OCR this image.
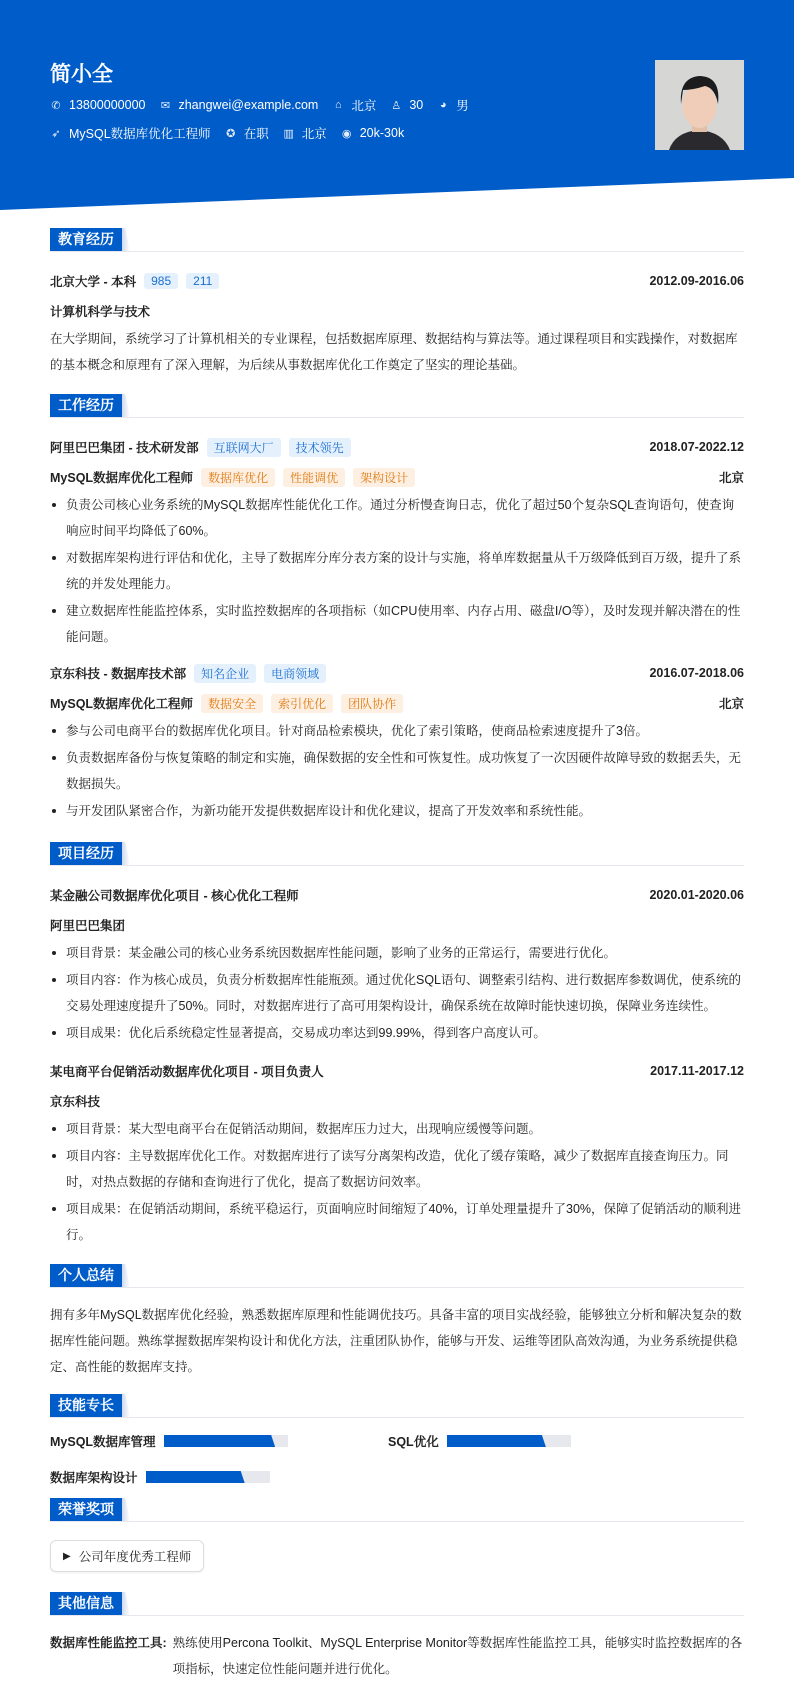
简小全
✆ 13800000000 ✉ zhangwei@example.com ⌂ 北京 ♙ 30 ◕ 男
➶ MySQL数据库优化工程师 ✪ 在职 ▥ 北京 ◉ 20k-30k
教育经历
北京大学 - 本科	985	211	2012.09-2016.06
计算机科学与技术
在大学期间，系统学习了计算机相关的专业课程，包括数据库原理、数据结构与算法等。通过课程项目和实践操作，对数据库的基本概念和原理有了深入理解，为后续从事数据库优化工作奠定了坚实的理论基础。
工作经历
阿里巴巴集团 - 技术研发部	互联网大厂	技术领先	2018.07-2022.12
MySQL数据库优化工程师	数据库优化	性能调优	架构设计	北京
负责公司核心业务系统的MySQL数据库性能优化工作。通过分析慢查询日志，优化了超过50个复杂SQL查询语句，使查询响应时间平均降低了60%。
对数据库架构进行评估和优化，主导了数据库分库分表方案的设计与实施，将单库数据量从千万级降低到百万级，提升了系统的并发处理能力。
建立数据库性能监控体系，实时监控数据库的各项指标（如CPU使用率、内存占用、磁盘I/O等），及时发现并解决潜在的性能问题。
京东科技 - 数据库技术部	知名企业	电商领域	2016.07-2018.06
MySQL数据库优化工程师	数据安全	索引优化	团队协作	北京
参与公司电商平台的数据库优化项目。针对商品检索模块，优化了索引策略，使商品检索速度提升了3倍。
负责数据库备份与恢复策略的制定和实施，确保数据的安全性和可恢复性。成功恢复了一次因硬件故障导致的数据丢失，无数据损失。
与开发团队紧密合作，为新功能开发提供数据库设计和优化建议，提高了开发效率和系统性能。
项目经历
某金融公司数据库优化项目 - 核心优化工程师	2020.01-2020.06
阿里巴巴集团
项目背景：某金融公司的核心业务系统因数据库性能问题，影响了业务的正常运行，需要进行优化。
项目内容：作为核心成员，负责分析数据库性能瓶颈。通过优化SQL语句、调整索引结构、进行数据库参数调优，使系统的交易处理速度提升了50%。同时，对数据库进行了高可用架构设计，确保系统在故障时能快速切换，保障业务连续性。
项目成果：优化后系统稳定性显著提高，交易成功率达到99.99%，得到客户高度认可。
某电商平台促销活动数据库优化项目 - 项目负责人	2017.11-2017.12
京东科技
项目背景：某大型电商平台在促销活动期间，数据库压力过大，出现响应缓慢等问题。
项目内容：主导数据库优化工作。对数据库进行了读写分离架构改造，优化了缓存策略，减少了数据库直接查询压力。同时，对热点数据的存储和查询进行了优化，提高了数据访问效率。
项目成果：在促销活动期间，系统平稳运行，页面响应时间缩短了40%，订单处理量提升了30%，保障了促销活动的顺利进行。
个人总结
拥有多年MySQL数据库优化经验，熟悉数据库原理和性能调优技巧。具备丰富的项目实战经验，能够独立分析和解决复杂的数据库性能问题。熟练掌握数据库架构设计和优化方法，注重团队协作，能够与开发、运维等团队高效沟通，为业务系统提供稳定、高性能的数据库支持。
技能专长
MySQL数据库管理	SQL优化
数据库架构设计
荣誉奖项
▶ 公司年度优秀工程师
其他信息
数据库性能监控工具: 熟练使用Percona Toolkit、MySQL Enterprise Monitor等数据库性能监控工具，能够实时监控数据库的各项指标，快速定位性能问题并进行优化。
